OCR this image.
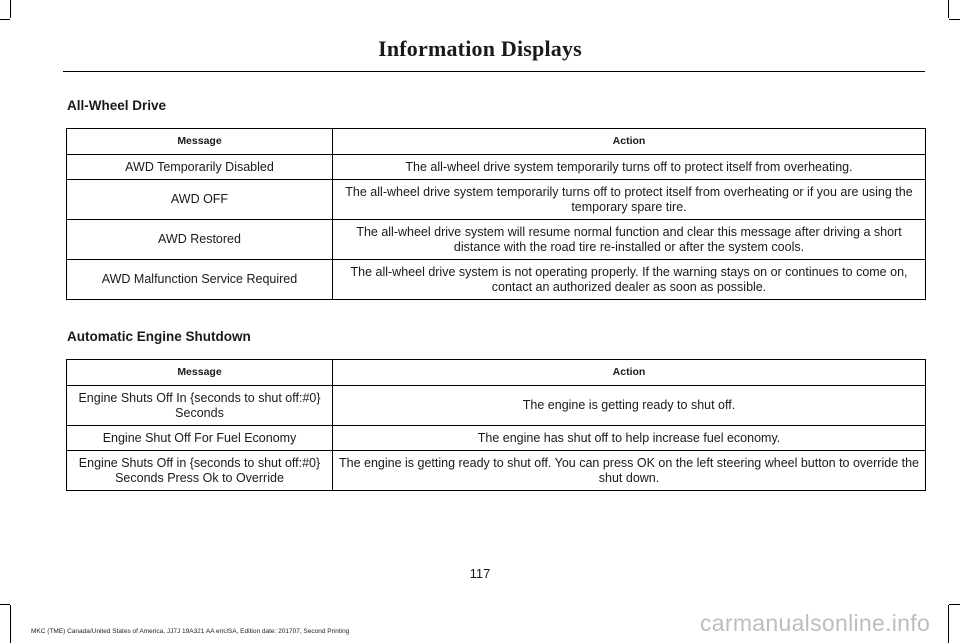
Information Displays
All-Wheel Drive
Message	Action
AWD Temporarily Disabled	The all-wheel drive system temporarily turns off to protect itself from overheating.
AWD OFF	The all-wheel drive system temporarily turns off to protect itself from overheating or if you are using the temporary spare tire.
AWD Restored	The all-wheel drive system will resume normal function and clear this message after driving a short distance with the road tire re-installed or after the system cools.
AWD Malfunction Service Required	The all-wheel drive system is not operating properly. If the warning stays on or continues to come on, contact an authorized dealer as soon as possible.
Automatic Engine Shutdown
Message	Action
Engine Shuts Off In {seconds to shut off:#0} Seconds	The engine is getting ready to shut off.
Engine Shut Off For Fuel Economy	The engine has shut off to help increase fuel economy.
Engine Shuts Off in {seconds to shut off:#0} Seconds Press Ok to Override	The engine is getting ready to shut off. You can press OK on the left steering wheel button to override the shut down.
117
MKC (TME) Canada/United States of America, JJ7J 19A321 AA enUSA, Edition date: 201707, Second Printing	carmanualsonline.info
